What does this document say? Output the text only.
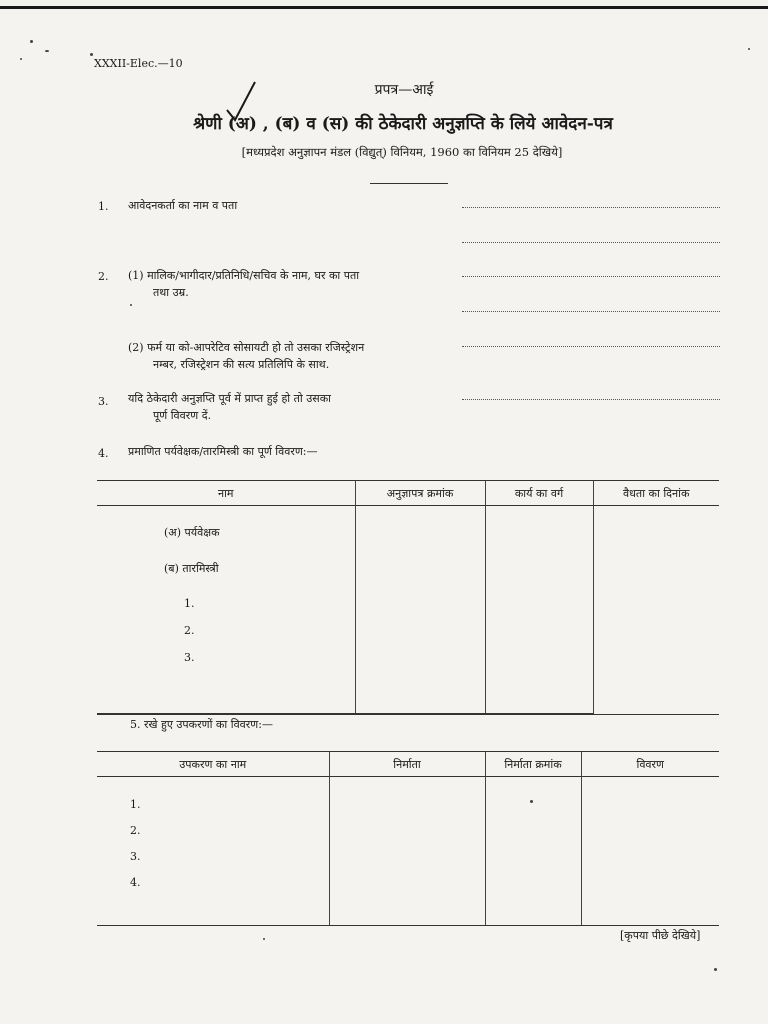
XXXII-Elec.—10
प्रपत्र—आई
श्रेणी (अ) , (ब) व (स) की ठेकेदारी अनुज्ञप्ति के लिये आवेदन-पत्र
[मध्यप्रदेश अनुज्ञापन मंडल (विद्युत्) विनियम, 1960 का विनियम 25 देखिये]
1. आवेदनकर्ता का नाम व पता
2. (1) मालिक/भागीदार/प्रतिनिधि/सचिव के नाम, घर का पता
तथा उम्र.
(2) फर्म या को-आपरेटिव सोसायटी हो तो उसका रजिस्ट्रेशन
नम्बर, रजिस्ट्रेशन की सत्य प्रतिलिपि के साथ.
3. यदि ठेकेदारी अनुज्ञप्ति पूर्व में प्राप्त हुई हो तो उसका
पूर्ण विवरण दें.
4. प्रमाणित पर्यवेक्षक/तारमिस्त्री का पूर्ण विवरण:—
नाम	अनुज्ञापत्र क्रमांक	कार्य का वर्ग	वैधता का दिनांक

(अ) पर्यवेक्षक
(ब) तारमिस्त्री
1.
2.
3.			

5. रखे हुए उपकरणों का विवरण:—
उपकरण का नाम	निर्माता	निर्माता क्रमांक	विवरण

1.
2.
3.
4.			

[कृपया पीछे देखिये]
